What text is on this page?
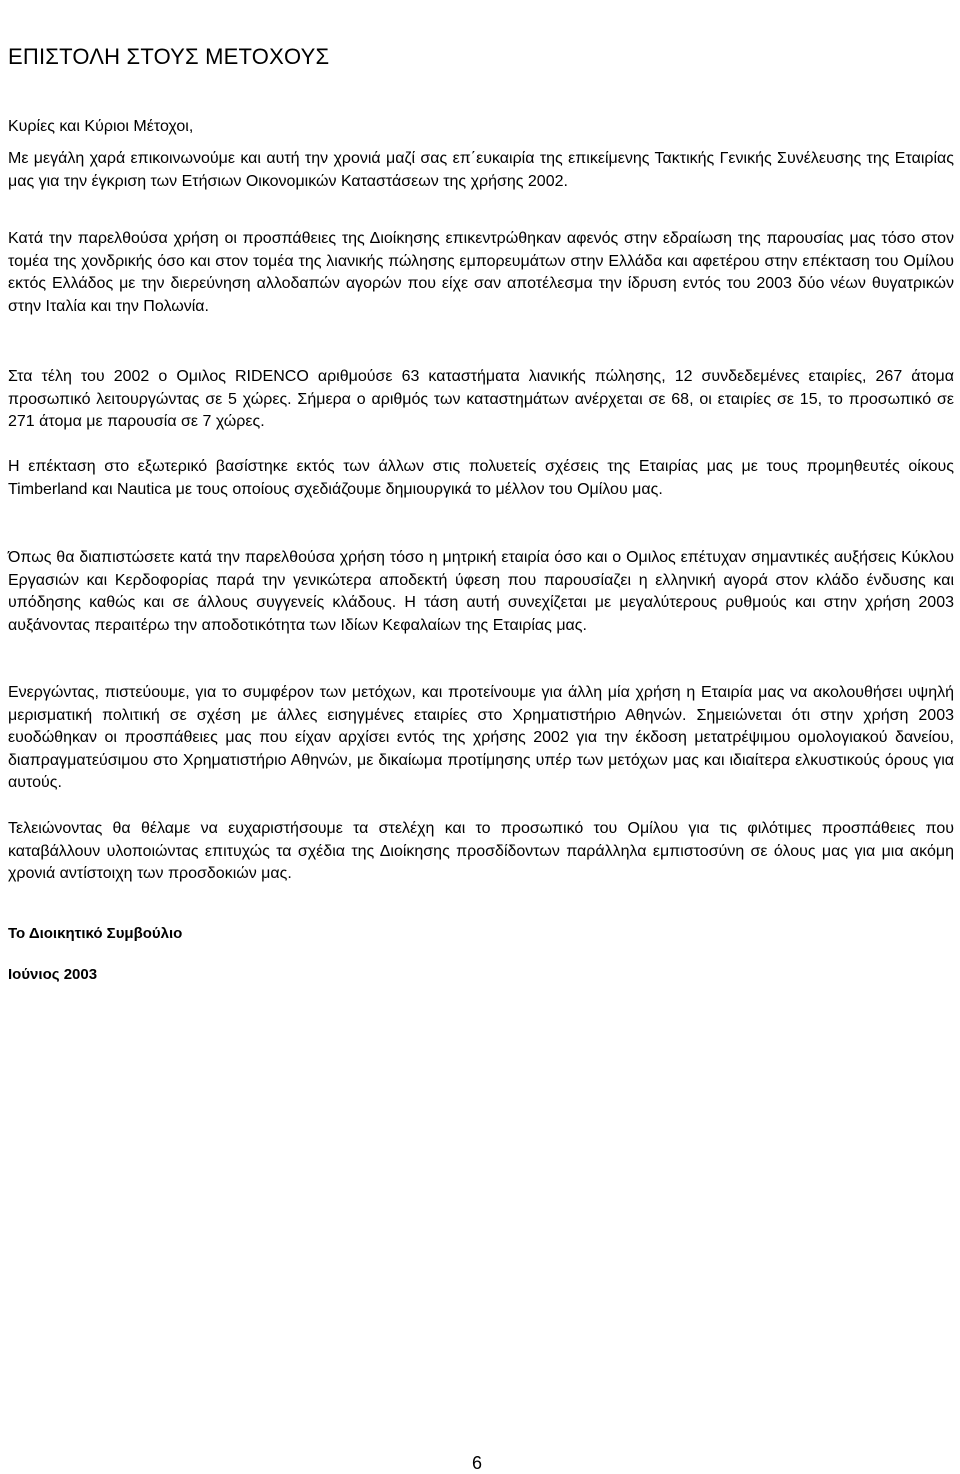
ΕΠΙΣΤΟΛΗ ΣΤΟΥΣ ΜΕΤΟΧΟΥΣ

Κυρίες και Κύριοι Μέτοχοι,

Με μεγάλη χαρά επικοινωνούμε και αυτή την χρονιά μαζί σας επ΄ευκαιρία της επικείμενης Τακτικής Γενικής Συνέλευσης της Εταιρίας μας για την έγκριση των Ετήσιων Οικονομικών Καταστάσεων της χρήσης 2002.

Κατά την παρελθούσα χρήση οι προσπάθειες της Διοίκησης επικεντρώθηκαν αφενός στην εδραίωση της παρουσίας μας τόσο στον τομέα της χονδρικής όσο και στον τομέα της λιανικής πώλησης εμπορευμάτων στην Ελλάδα και αφετέρου στην επέκταση του Ομίλου εκτός Ελλάδος με την διερεύνηση αλλοδαπών αγορών που είχε σαν αποτέλεσμα την ίδρυση εντός του 2003 δύο νέων θυγατρικών στην Ιταλία και την Πολωνία.

Στα τέλη του 2002 ο Ομιλος RIDENCO αριθμούσε 63 καταστήματα λιανικής πώλησης, 12 συνδεδεμένες εταιρίες, 267 άτομα προσωπικό λειτουργώντας σε 5 χώρες. Σήμερα ο αριθμός των καταστημάτων ανέρχεται σε 68, οι εταιρίες σε 15, το προσωπικό σε 271 άτομα με παρουσία σε 7 χώρες.

Η επέκταση στο εξωτερικό βασίστηκε εκτός των άλλων στις πολυετείς σχέσεις της Εταιρίας μας με τους προμηθευτές οίκους Timberland και Nautica με τους οποίους σχεδιάζουμε δημιουργικά το μέλλον του Ομίλου μας.

Όπως θα διαπιστώσετε κατά την παρελθούσα χρήση τόσο η μητρική εταιρία όσο και ο Ομιλος επέτυχαν σημαντικές αυξήσεις Κύκλου Εργασιών και Κερδοφορίας παρά την γενικώτερα αποδεκτή ύφεση που παρουσίαζει η ελληνική αγορά στον κλάδο ένδυσης και υπόδησης καθώς και σε άλλους συγγενείς κλάδους. Η τάση αυτή συνεχίζεται με μεγαλύτερους ρυθμούς και στην χρήση 2003 αυξάνοντας περαιτέρω την αποδοτικότητα των Ιδίων Κεφαλαίων της Εταιρίας μας.

Ενεργώντας, πιστεύουμε, για το συμφέρον των μετόχων, και προτείνουμε για άλλη μία χρήση η Εταιρία μας να ακολουθήσει υψηλή μερισματική πολιτική σε σχέση με άλλες εισηγμένες εταιρίες στο Χρηματιστήριο Αθηνών. Σημειώνεται ότι στην χρήση 2003 ευοδώθηκαν οι προσπάθειες μας που είχαν αρχίσει εντός της χρήσης 2002 για την έκδοση μετατρέψιμου ομολογιακού δανείου, διαπραγματεύσιμου στο Χρηματιστήριο Αθηνών, με δικαίωμα προτίμησης υπέρ των μετόχων μας και ιδιαίτερα ελκυστικούς όρους για αυτούς.

Τελειώνοντας θα θέλαμε να ευχαριστήσουμε τα στελέχη και το προσωπικό του Ομίλου για τις φιλότιμες προσπάθειες που καταβάλλουν υλοποιώντας επιτυχώς τα σχέδια της Διοίκησης προσδίδοντων παράλληλα εμπιστοσύνη σε όλους μας για μια ακόμη χρονιά αντίστοιχη των προσδοκιών μας.

Το Διοικητικό Συμβούλιο

Ιούνιος 2003

6
